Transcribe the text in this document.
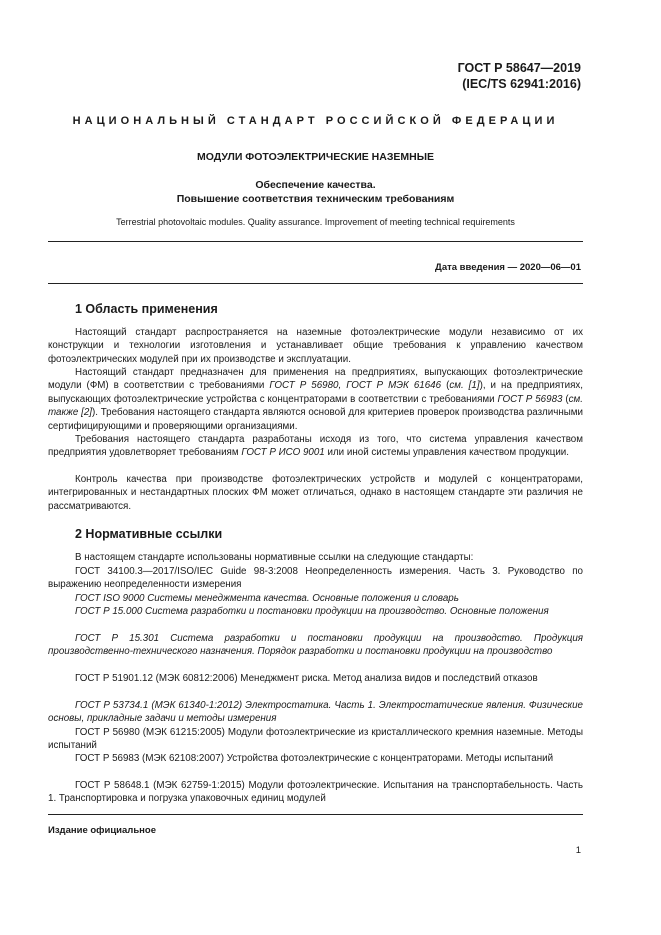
ГОСТ Р 58647—2019
(IEC/TS 62941:2016)
НАЦИОНАЛЬНЫЙ СТАНДАРТ РОССИЙСКОЙ ФЕДЕРАЦИИ
МОДУЛИ ФОТОЭЛЕКТРИЧЕСКИЕ НАЗЕМНЫЕ
Обеспечение качества.
Повышение соответствия техническим требованиям
Terrestrial photovoltaic modules. Quality assurance. Improvement of meeting technical requirements
Дата введения — 2020—06—01
1 Область применения
Настоящий стандарт распространяется на наземные фотоэлектрические модули независимо от их конструкции и технологии изготовления и устанавливает общие требования к управлению качеством фотоэлектрических модулей при их производстве и эксплуатации.
Настоящий стандарт предназначен для применения на предприятиях, выпускающих фотоэлектрические модули (ФМ) в соответствии с требованиями ГОСТ Р 56980, ГОСТ Р МЭК 61646 (см. [1]), и на предприятиях, выпускающих фотоэлектрические устройства с концентраторами в соответствии с требованиями ГОСТ Р 56983 (см. также [2]). Требования настоящего стандарта являются основой для критериев проверок производства различными сертифицирующими и проверяющими организациями.
Требования настоящего стандарта разработаны исходя из того, что система управления качеством предприятия удовлетворяет требованиям ГОСТ Р ИСО 9001 или иной системы управления качеством продукции.
Контроль качества при производстве фотоэлектрических устройств и модулей с концентраторами, интегрированных и нестандартных плоских ФМ может отличаться, однако в настоящем стандарте эти различия не рассматриваются.
2 Нормативные ссылки
В настоящем стандарте использованы нормативные ссылки на следующие стандарты:
ГОСТ 34100.3—2017/ISO/IEC Guide 98-3:2008 Неопределенность измерения. Часть 3. Руководство по выражению неопределенности измерения
ГОСТ ISO 9000 Системы менеджмента качества. Основные положения и словарь
ГОСТ Р 15.000 Система разработки и постановки продукции на производство. Основные положения
ГОСТ Р 15.301 Система разработки и постановки продукции на производство. Продукция производственно-технического назначения. Порядок разработки и постановки продукции на производство
ГОСТ Р 51901.12 (МЭК 60812:2006) Менеджмент риска. Метод анализа видов и последствий отказов
ГОСТ Р 53734.1 (МЭК 61340-1:2012) Электростатика. Часть 1. Электростатические явления. Физические основы, прикладные задачи и методы измерения
ГОСТ Р 56980 (МЭК 61215:2005) Модули фотоэлектрические из кристаллического кремния наземные. Методы испытаний
ГОСТ Р 56983 (МЭК 62108:2007) Устройства фотоэлектрические с концентраторами. Методы испытаний
ГОСТ Р 58648.1 (МЭК 62759-1:2015) Модули фотоэлектрические. Испытания на транспортабельность. Часть 1. Транспортировка и погрузка упаковочных единиц модулей
Издание официальное
1
